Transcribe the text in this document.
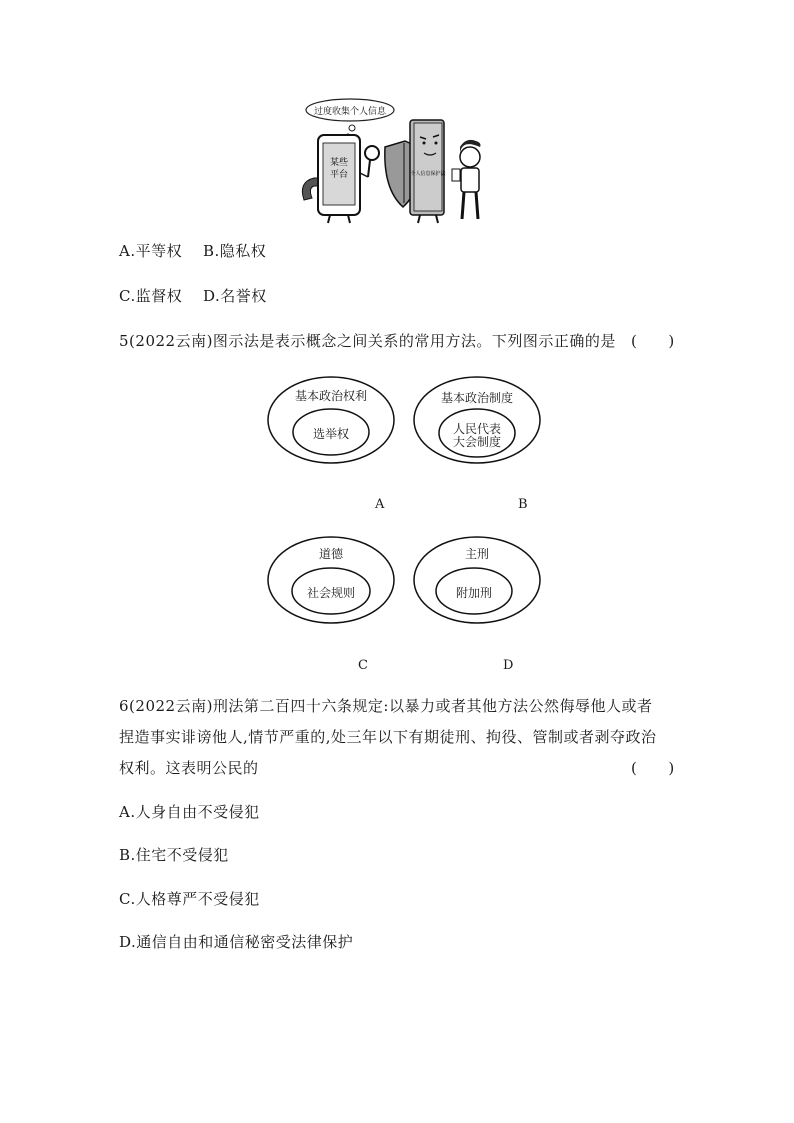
过度收集个人信息
某些
平台	个人信息保护法
A.平等权 B.隐私权
C.监督权 D.名誉权
5(2022云南)图示法是表示概念之间关系的常用方法。下列图示正确的是 (　　)
基本政治权利
选举权
A
基本政治制度
人民代表
大会制度
B
道德
社会规则
C
主刑
附加刑
D
6(2022云南)刑法第二百四十六条规定:以暴力或者其他方法公然侮辱他人或者
捏造事实诽谤他人,情节严重的,处三年以下有期徒刑、拘役、管制或者剥夺政治
权利。这表明公民的	(　　)
A.人身自由不受侵犯
B.住宅不受侵犯
C.人格尊严不受侵犯
D.通信自由和通信秘密受法律保护
